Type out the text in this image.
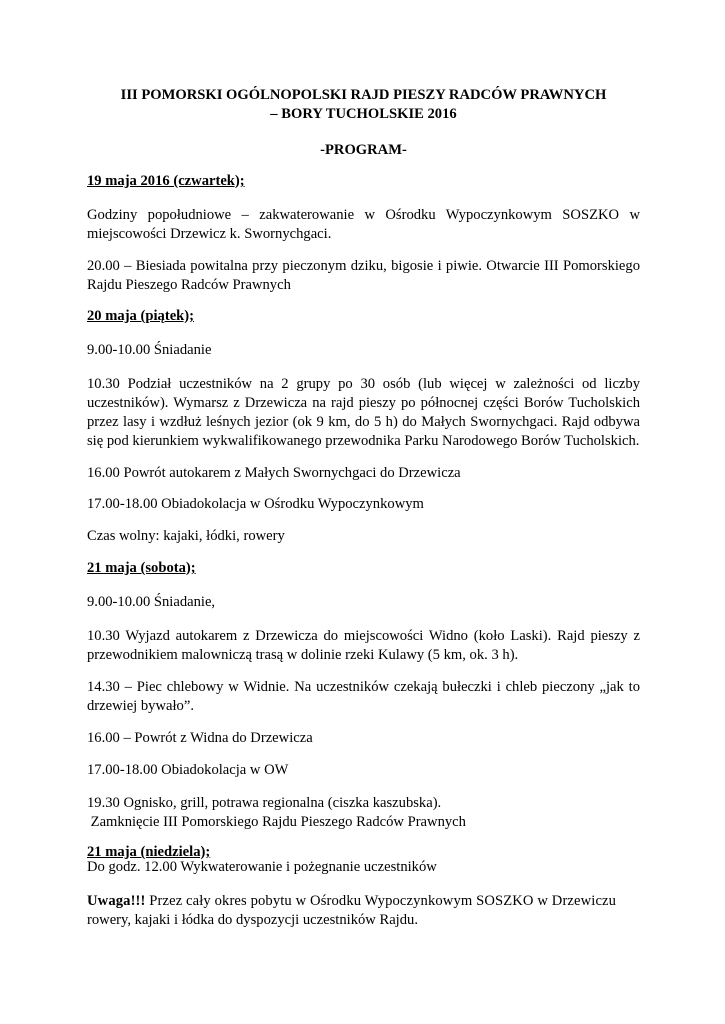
III POMORSKI OGÓLNOPOLSKI RAJD PIESZY RADCÓW PRAWNYCH
– BORY TUCHOLSKIE 2016
-PROGRAM-
19 maja 2016 (czwartek);
Godziny popołudniowe – zakwaterowanie w Ośrodku Wypoczynkowym SOSZKO w
miejscowości Drzewicz k. Swornychgaci.
20.00 – Biesiada powitalna przy pieczonym dziku, bigosie i piwie. Otwarcie III Pomorskiego
Rajdu Pieszego Radców Prawnych
20 maja (piątek);
9.00-10.00 Śniadanie
10.30 Podział uczestników na 2 grupy po 30 osób (lub więcej w zależności od liczby
uczestników). Wymarsz z Drzewicza na rajd pieszy po północnej części Borów Tucholskich
przez lasy i wzdłuż leśnych jezior (ok 9 km, do 5 h) do Małych Swornychgaci. Rajd odbywa
się pod kierunkiem wykwalifikowanego przewodnika Parku Narodowego Borów Tucholskich.
16.00 Powrót autokarem z Małych Swornychgaci do Drzewicza
17.00-18.00 Obiadokolacja w Ośrodku Wypoczynkowym
Czas wolny: kajaki, łódki, rowery
21 maja (sobota);
9.00-10.00 Śniadanie,
10.30 Wyjazd autokarem z Drzewicza do miejscowości Widno (koło Laski). Rajd pieszy z
przewodnikiem malowniczą trasą w dolinie rzeki Kulawy (5 km, ok. 3 h).
14.30 – Piec chlebowy w Widnie. Na uczestników czekają bułeczki i chleb pieczony „jak to
drzewiej bywało”.
16.00 – Powrót z Widna do Drzewicza
17.00-18.00 Obiadokolacja w OW
19.30 Ognisko, grill, potrawa regionalna (ciszka kaszubska).
Zamknięcie III Pomorskiego Rajdu Pieszego Radców Prawnych
21 maja (niedziela);
Do godz. 12.00 Wykwaterowanie i pożegnanie uczestników
Uwaga!!! Przez cały okres pobytu w Ośrodku Wypoczynkowym SOSZKO w Drzewiczu
rowery, kajaki i łódka do dyspozycji uczestników Rajdu.
